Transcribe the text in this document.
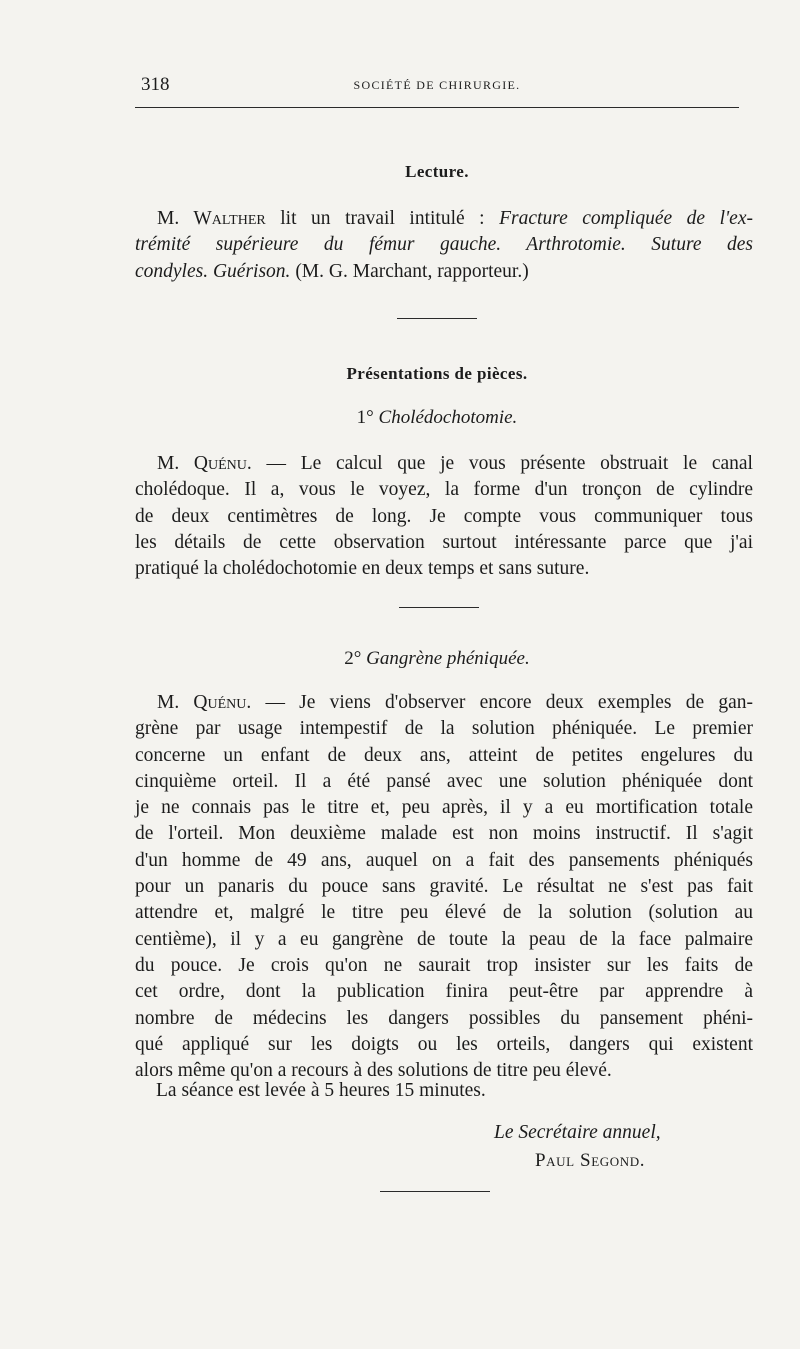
318	SOCIÉTÉ DE CHIRURGIE.
Lecture.
M. Walther lit un travail intitulé : Fracture compliquée de l'ex-
trémité supérieure du fémur gauche. Arthrotomie. Suture des
condyles. Guérison. (M. G. Marchant, rapporteur.)
Présentations de pièces.
1° Cholédochotomie.
M. Quénu. — Le calcul que je vous présente obstruait le canal
cholédoque. Il a, vous le voyez, la forme d'un tronçon de cylindre
de deux centimètres de long. Je compte vous communiquer tous
les détails de cette observation surtout intéressante parce que j'ai
pratiqué la cholédochotomie en deux temps et sans suture.
2° Gangrène phéniquée.
M. Quénu. — Je viens d'observer encore deux exemples de gan-
grène par usage intempestif de la solution phéniquée. Le premier
concerne un enfant de deux ans, atteint de petites engelures du
cinquième orteil. Il a été pansé avec une solution phéniquée dont
je ne connais pas le titre et, peu après, il y a eu mortification totale
de l'orteil. Mon deuxième malade est non moins instructif. Il s'agit
d'un homme de 49 ans, auquel on a fait des pansements phéniqués
pour un panaris du pouce sans gravité. Le résultat ne s'est pas fait
attendre et, malgré le titre peu élevé de la solution (solution au
centième), il y a eu gangrène de toute la peau de la face palmaire
du pouce. Je crois qu'on ne saurait trop insister sur les faits de
cet ordre, dont la publication finira peut-être par apprendre à
nombre de médecins les dangers possibles du pansement phéni-
qué appliqué sur les doigts ou les orteils, dangers qui existent
alors même qu'on a recours à des solutions de titre peu élevé.
La séance est levée à 5 heures 15 minutes.
Le Secrétaire annuel,
Paul Segond.
